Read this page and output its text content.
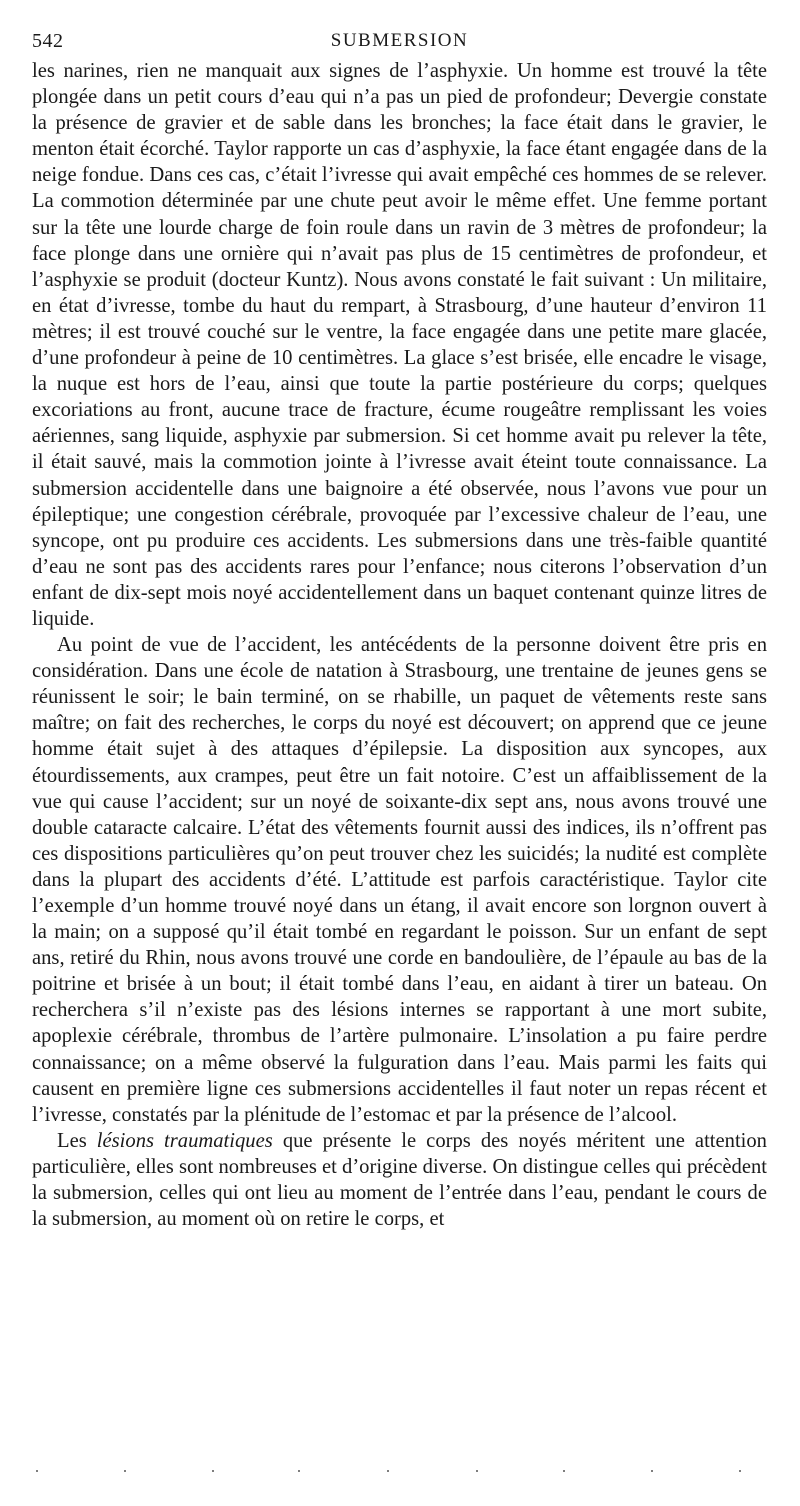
542	SUBMERSION

les narines, rien ne manquait aux signes de l’asphyxie. Un homme est trouvé la tête plongée dans un petit cours d’eau qui n’a pas un pied de profondeur; Devergie constate la présence de gravier et de sable dans les bronches; la face était dans le gravier, le menton était écorché. Taylor rapporte un cas d’asphyxie, la face étant engagée dans de la neige fondue. Dans ces cas, c’était l’ivresse qui avait empêché ces hommes de se relever. La commotion déterminée par une chute peut avoir le même effet. Une femme portant sur la tête une lourde charge de foin roule dans un ravin de 3 mètres de profondeur; la face plonge dans une ornière qui n’avait pas plus de 15 centimètres de profondeur, et l’asphyxie se produit (docteur Kuntz). Nous avons constaté le fait suivant : Un militaire, en état d’ivresse, tombe du haut du rempart, à Strasbourg, d’une hauteur d’environ 11 mètres; il est trouvé couché sur le ventre, la face engagée dans une petite mare glacée, d’une profondeur à peine de 10 centimètres. La glace s’est brisée, elle encadre le visage, la nuque est hors de l’eau, ainsi que toute la partie postérieure du corps; quelques excoriations au front, aucune trace de fracture, écume rougeâtre remplissant les voies aériennes, sang liquide, asphyxie par submersion. Si cet homme avait pu relever la tête, il était sauvé, mais la commotion jointe à l’ivresse avait éteint toute connaissance. La submersion accidentelle dans une baignoire a été observée, nous l’avons vue pour un épileptique; une congestion cérébrale, provoquée par l’excessive chaleur de l’eau, une syncope, ont pu produire ces accidents. Les submersions dans une très-faible quantité d’eau ne sont pas des accidents rares pour l’enfance; nous citerons l’observation d’un enfant de dix-sept mois noyé accidentellement dans un baquet contenant quinze litres de liquide.

Au point de vue de l’accident, les antécédents de la personne doivent être pris en considération. Dans une école de natation à Strasbourg, une trentaine de jeunes gens se réunissent le soir; le bain terminé, on se rhabille, un paquet de vêtements reste sans maître; on fait des recherches, le corps du noyé est découvert; on apprend que ce jeune homme était sujet à des attaques d’épilepsie. La disposition aux syncopes, aux étourdissements, aux crampes, peut être un fait notoire. C’est un affaiblissement de la vue qui cause l’accident; sur un noyé de soixante-dix sept ans, nous avons trouvé une double cataracte calcaire. L’état des vêtements fournit aussi des indices, ils n’offrent pas ces dispositions particulières qu’on peut trouver chez les suicidés; la nudité est complète dans la plupart des accidents d’été. L’attitude est parfois caractéristique. Taylor cite l’exemple d’un homme trouvé noyé dans un étang, il avait encore son lorgnon ouvert à la main; on a supposé qu’il était tombé en regardant le poisson. Sur un enfant de sept ans, retiré du Rhin, nous avons trouvé une corde en bandoulière, de l’épaule au bas de la poitrine et brisée à un bout; il était tombé dans l’eau, en aidant à tirer un bateau. On recherchera s’il n’existe pas des lésions internes se rapportant à une mort subite, apoplexie cérébrale, thrombus de l’artère pulmonaire. L’insolation a pu faire perdre connaissance; on a même observé la fulguration dans l’eau. Mais parmi les faits qui causent en première ligne ces submersions accidentelles il faut noter un repas récent et l’ivresse, constatés par la plénitude de l’estomac et par la présence de l’alcool.

Les lésions traumatiques que présente le corps des noyés méritent une attention particulière, elles sont nombreuses et d’origine diverse. On distingue celles qui précèdent la submersion, celles qui ont lieu au moment de l’entrée dans l’eau, pendant le cours de la submersion, au moment où on retire le corps, et
